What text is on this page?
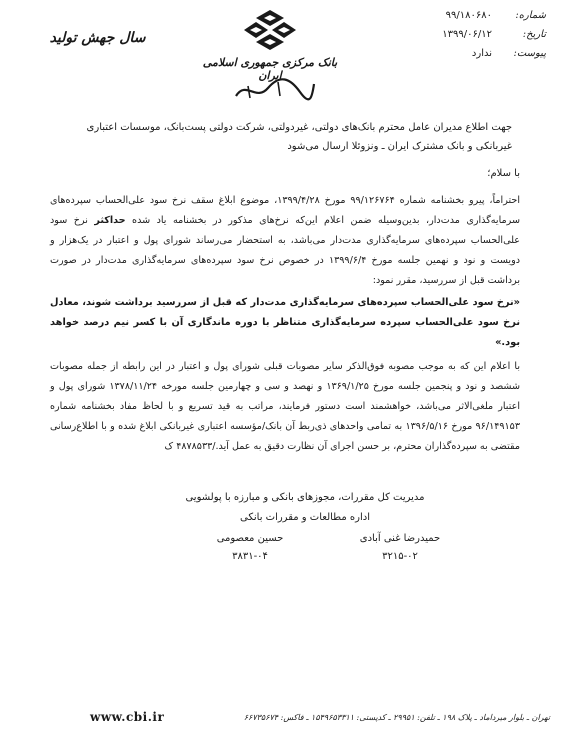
شماره:
۹۹/۱۸۰۶۸۰
تاریخ:
۱۳۹۹/۰۶/۱۲
پیوست:
ندارد
بانک مرکزی جمهوری اسلامی ایران
سال جهش تولید

جهت اطلاع مدیران عامل محترم بانک‌های دولتی، غیردولتی، شرکت دولتی پست‌بانک، موسسات اعتباری غیربانکی و بانک مشترک ایران ـ ونزوئلا ارسال می‌شود

با سلام؛

احتراماً، پیرو بخشنامه شماره ۹۹/۱۲۶۷۶۴ مورخ ۱۳۹۹/۴/۲۸، موضوع ابلاغ سقف نرخ سود علی‌الحساب سپرده‌های سرمایه‌گذاری مدت‌دار، بدین‌وسیله ضمن اعلام این‌که نرخ‌های مذکور در بخشنامه یاد شده حداکثر نرخ سود علی‌الحساب سپرده‌های سرمایه‌گذاری مدت‌دار می‌باشد، به استحضار می‌رساند شورای پول و اعتبار در یک‌هزار و دویست و نود و نهمین جلسه مورخ ۱۳۹۹/۶/۴ در خصوص نرخ سود سپرده‌های سرمایه‌گذاری مدت‌دار در صورت برداشت قبل از سررسید، مقرر نمود:

«نرخ سود علی‌الحساب سپرده‌های سرمایه‌گذاری مدت‌دار که قبل از سررسید برداشت شوند، معادل نرخ سود علی‌الحساب سپرده سرمایه‌گذاری متناظر با دوره ماندگاری آن با کسر نیم درصد خواهد بود.»

با اعلام این که به موجب مصوبه فوق‌الذکر سایر مصوبات قبلی شورای پول و اعتبار در این رابطه از جمله مصوبات ششصد و نود و پنجمین جلسه مورخ ۱۳۶۹/۱/۲۵ و نهصد و سی و چهارمین جلسه مورخه ۱۳۷۸/۱۱/۲۴ شورای پول و اعتبار ملغی‌الاثر می‌باشد، خواهشمند است دستور فرمایند، مراتب به قید تسریع و با لحاظ مفاد بخشنامه شماره ۹۶/۱۴۹۱۵۳ مورخ ۱۳۹۶/۵/۱۶ به تمامی واحدهای ذی‌ربط آن بانک/مؤسسه اعتباری غیربانکی ابلاغ شده و با اطلاع‌رسانی مقتضی به سپرده‌گذاران محترم، بر حسن اجرای آن نظارت دقیق به عمل آید./۴۸۷۸۵۳۳ ک

مدیریت کل مقررات، مجوزهای بانکی و مبارزه با پولشویی
اداره مطالعات و مقررات بانکی
حمیدرضا غنی آبادی
۳۲۱۵-۰۲
حسین معصومی
۳۸۳۱-۰۴
www.cbi.ir	تهران ـ بلوار میرداماد ـ پلاک ۱۹۸ ـ تلفن: ۲۹۹۵۱ ـ کدپستی: ۱۵۴۹۶۵۳۳۱۱ ـ فاکس: ۶۶۷۳۵۶۷۴
